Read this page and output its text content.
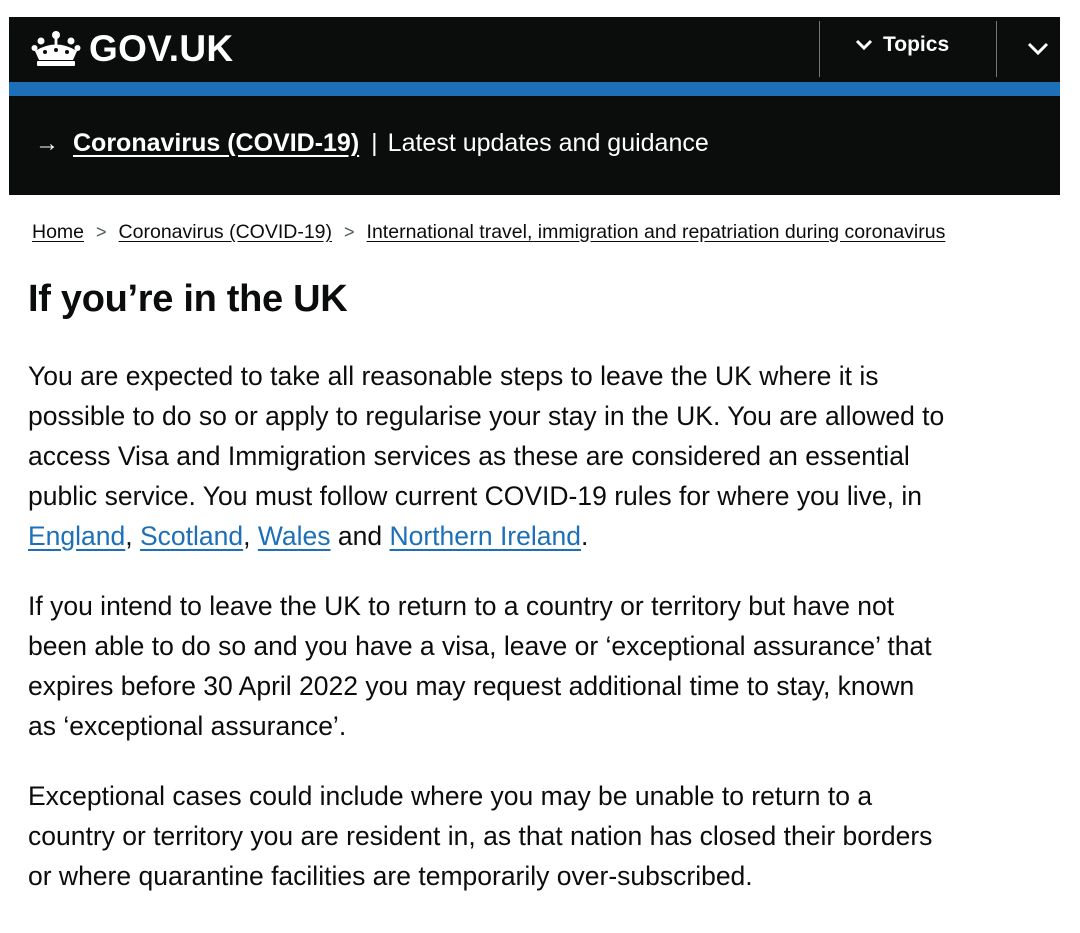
GOV.UK	Topics
→ Coronavirus (COVID-19) | Latest updates and guidance
Home > Coronavirus (COVID-19) > International travel, immigration and repatriation during coronavirus
If you’re in the UK
You are expected to take all reasonable steps to leave the UK where it is
possible to do so or apply to regularise your stay in the UK. You are allowed to
access Visa and Immigration services as these are considered an essential
public service. You must follow current COVID-19 rules for where you live, in
England, Scotland, Wales and Northern Ireland.
If you intend to leave the UK to return to a country or territory but have not
been able to do so and you have a visa, leave or ‘exceptional assurance’ that
expires before 30 April 2022 you may request additional time to stay, known
as ‘exceptional assurance’.
Exceptional cases could include where you may be unable to return to a
country or territory you are resident in, as that nation has closed their borders
or where quarantine facilities are temporarily over-subscribed.
